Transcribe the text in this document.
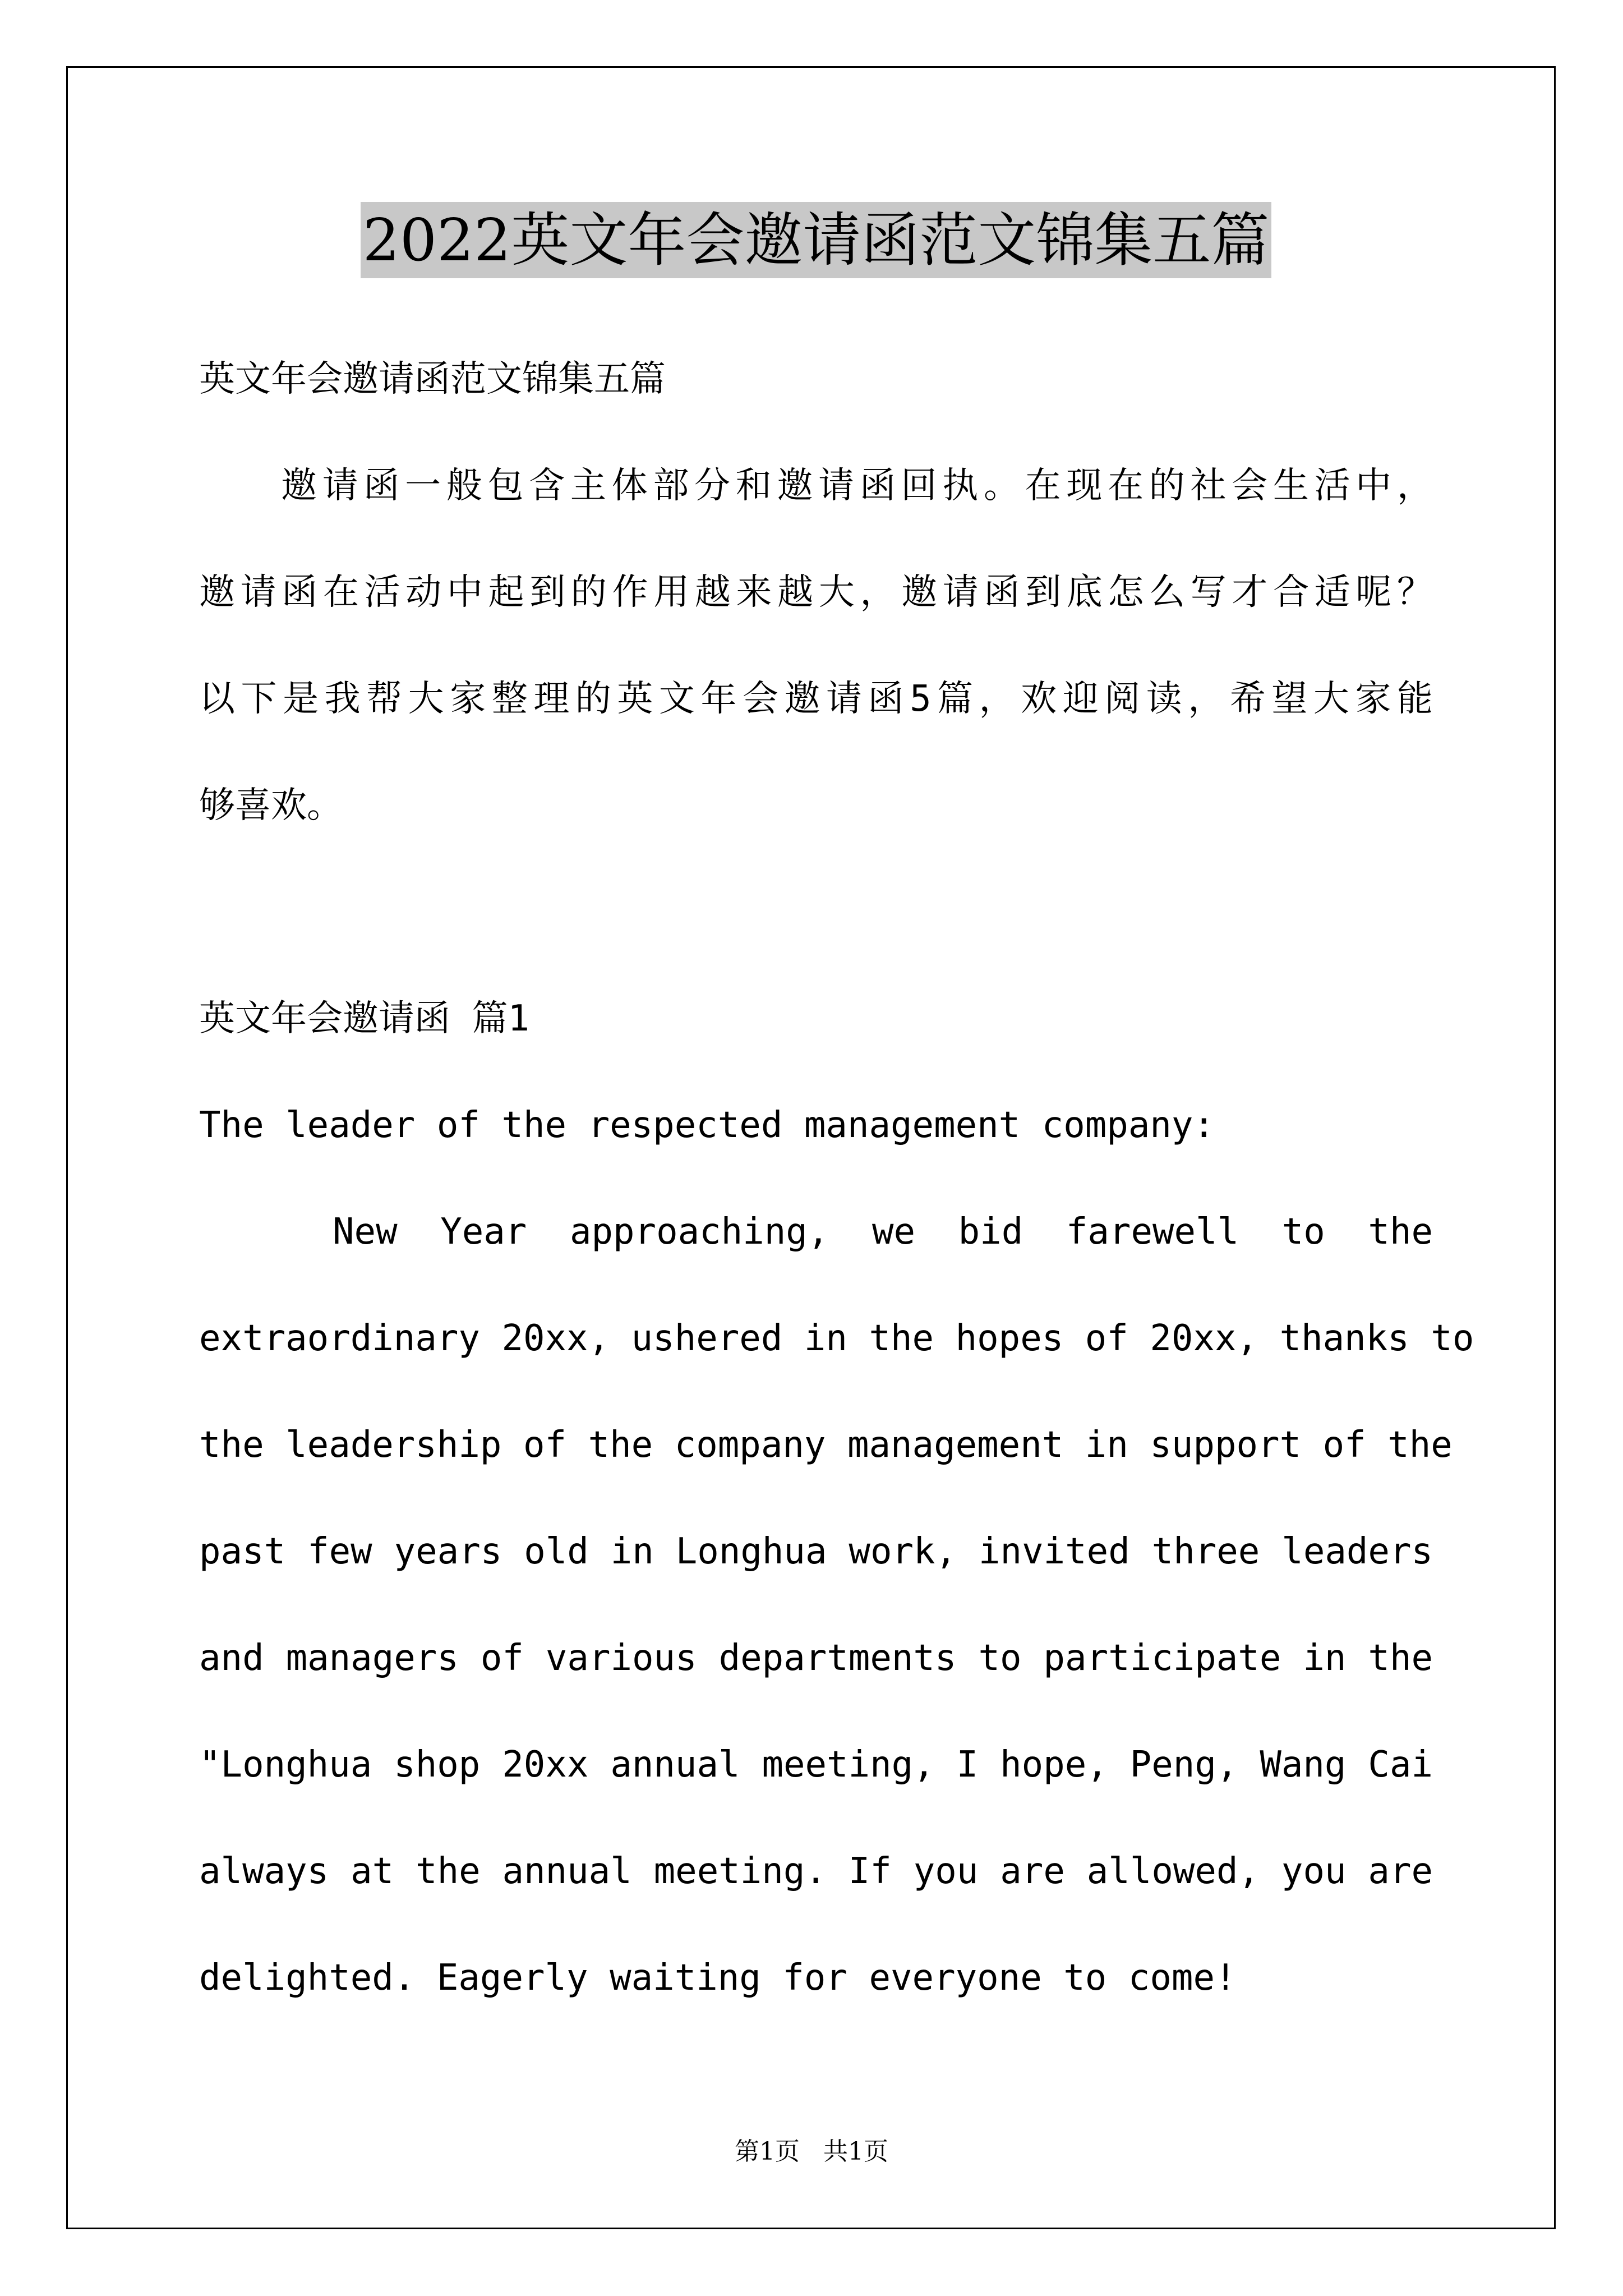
2022英文年会邀请函范文锦集五篇
英文年会邀请函范文锦集五篇
邀请函一般包含主体部分和邀请函回执。在现在的社会生活中，
邀请函在活动中起到的作用越来越大，邀请函到底怎么写才合适呢？
以下是我帮大家整理的英文年会邀请函5篇，欢迎阅读，希望大家能
够喜欢。
英文年会邀请函 篇1
The leader of the respected management company:
New Year approaching, we bid farewell to the
extraordinary 20xx, ushered in the hopes of 20xx, thanks to
the leadership of the company management in support of the
past few years old in Longhua work, invited three leaders
and managers of various departments to participate in the
"Longhua shop 20xx annual meeting, I hope, Peng, Wang Cai
always at the annual meeting. If you are allowed, you are
delighted. Eagerly waiting for everyone to come!
第1页   共1页
